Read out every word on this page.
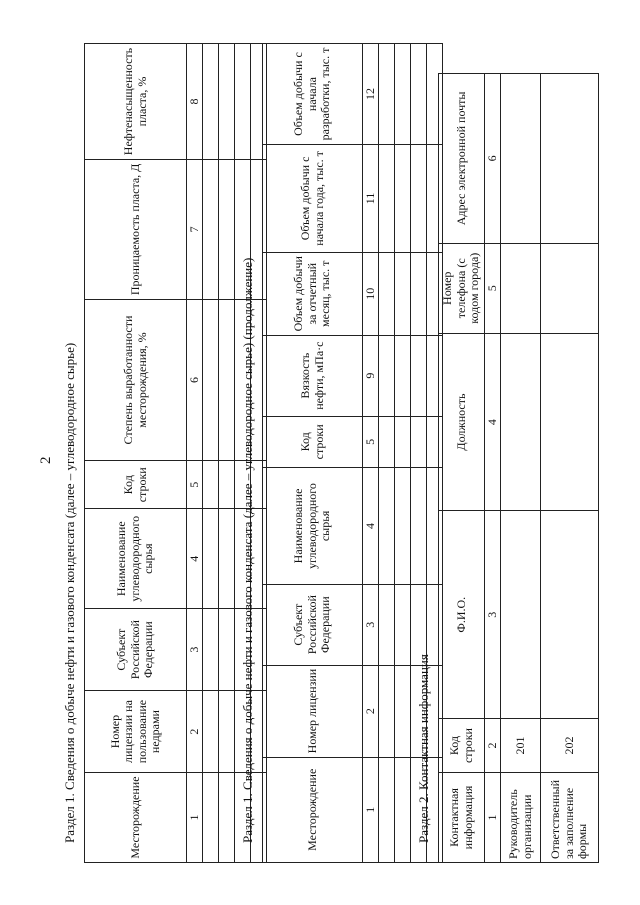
2 Раздел 1. Сведения о добыче нефти и газового конденсата (далее – углеводородное сырье)	Месторождение	Номер лицензии на пользование недрами	Субъект Российской Федерации	Наименование углеводородного сырья	Код строки	Степень выработанности месторождения, %	Проницаемость пласта, Д	Нефтенасыщенность пласта, %
1	2	3	4	5	6	7	8

Раздел 1. Сведения о добыче нефти и газового конденсата (далее – углеводородное сырье) (продолжение)	Месторождение	Номер лицензии	Субъект Российской Федерации	Наименование углеводородного сырья	Код строки	Вязкость нефти, мПа·с	Объем добычи за отчетный месяц, тыс. т	Объем добычи с начала года, тыс. т	Объем добычи с начала разработки, тыс. т
1	2	3	4	5	9	10	11	12

Раздел 2. Контактная информация Контактная информация	Код строки	Ф.И.О.	Должность	Номер телефона (с кодом города)	Адрес электронной почты
1	2	3	4	5	6
Руководитель организации	201				
Ответственный за заполнение формы	202				
